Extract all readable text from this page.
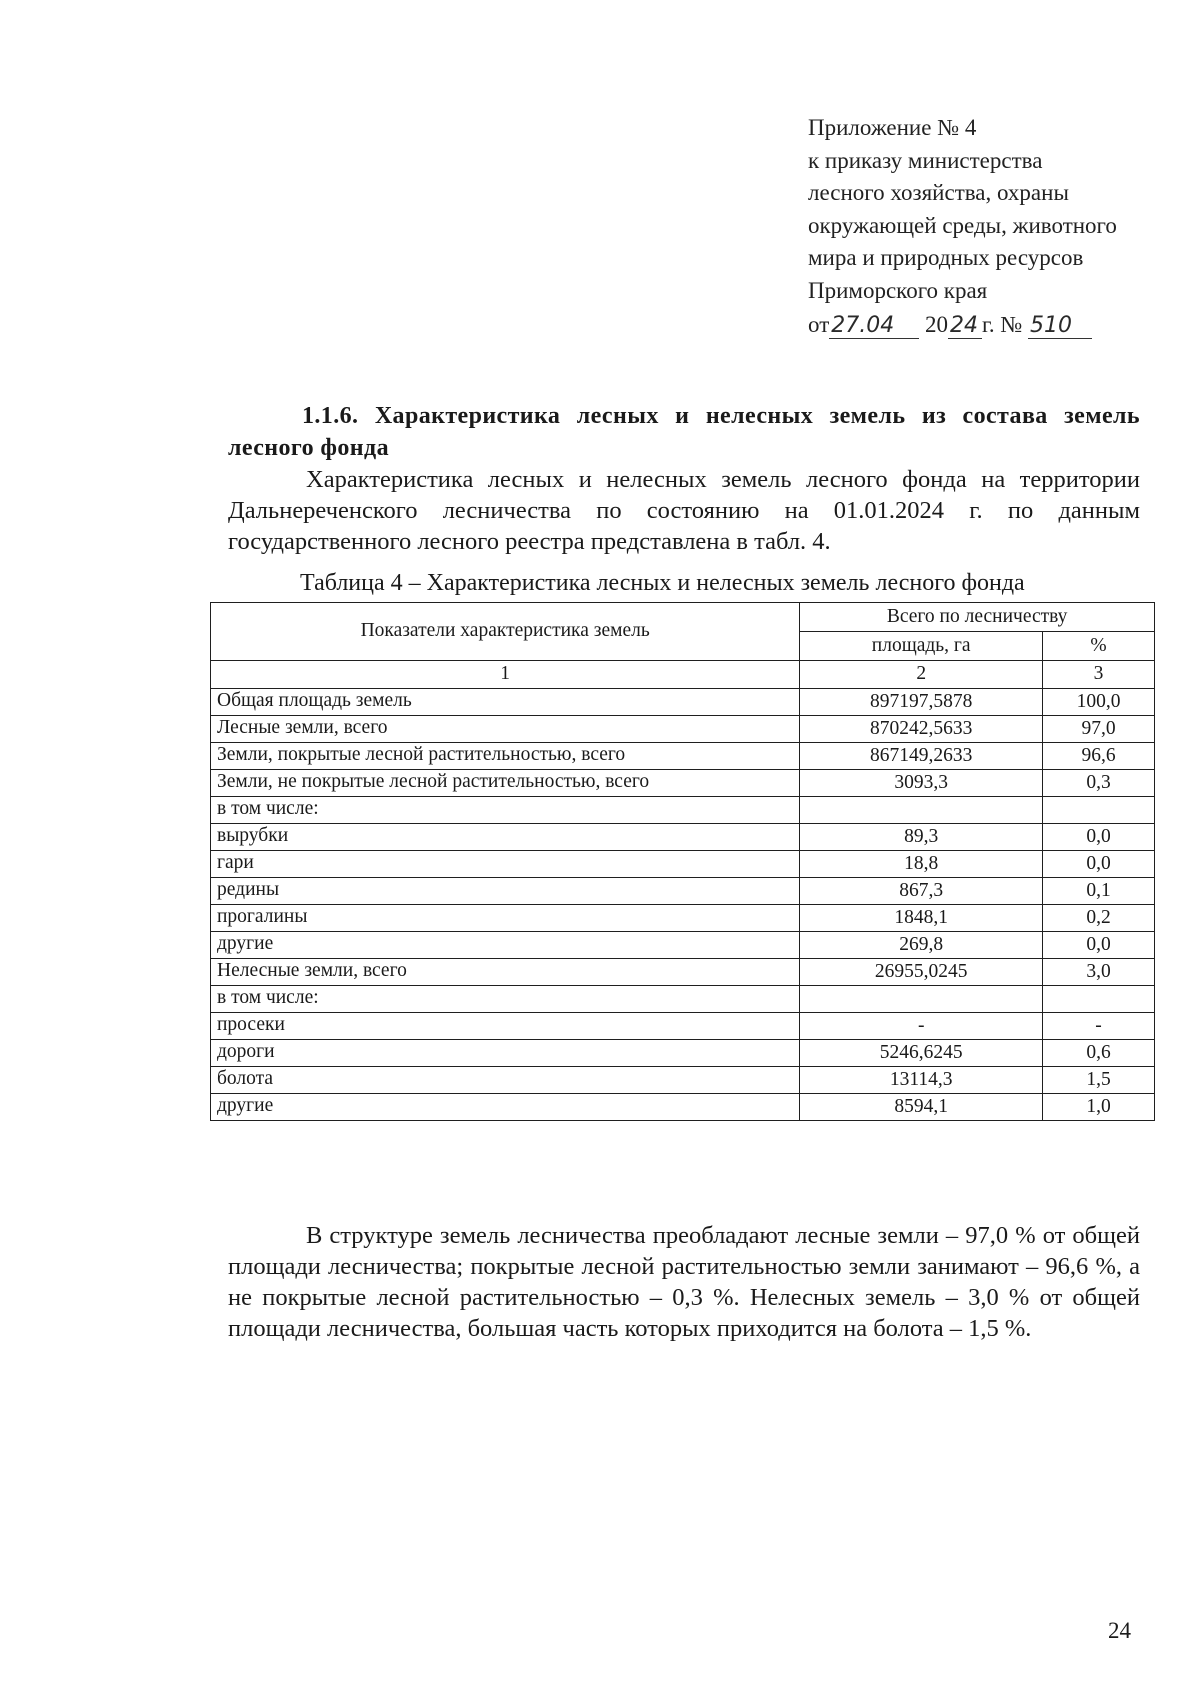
Приложение № 4
к приказу министерства
лесного хозяйства, охраны
окружающей среды, животного
мира и природных ресурсов
Приморского края
от27.04 2024 г. № 510
1.1.6. Характеристика лесных и нелесных земель из состава земель лесного фонда
Характеристика лесных и нелесных земель лесного фонда на территории Дальнереченского лесничества по состоянию на 01.01.2024 г. по данным государственного лесного реестра представлена в табл. 4.
Таблица 4 – Характеристика лесных и нелесных земель лесного фонда
Показатели характеристика земель	Всего по лесничеству	
	площадь, га	%
1	2	3
Общая площадь земель	897197,5878	100,0
Лесные земли, всего	870242,5633	97,0
Земли, покрытые лесной растительностью, всего	867149,2633	96,6
Земли, не покрытые лесной растительностью, всего	3093,3	0,3
в том числе:		
вырубки	89,3	0,0
гари	18,8	0,0
редины	867,3	0,1
прогалины	1848,1	0,2
другие	269,8	0,0
Нелесные земли, всего	26955,0245	3,0
в том числе:		
просеки	-	-
дороги	5246,6245	0,6
болота	13114,3	1,5
другие	8594,1	1,0
В структуре земель лесничества преобладают лесные земли – 97,0 % от общей площади лесничества; покрытые лесной растительностью земли занимают – 96,6 %, а не покрытые лесной растительностью – 0,3 %. Нелесных земель – 3,0 % от общей площади лесничества, большая часть которых приходится на болота – 1,5 %.
24
